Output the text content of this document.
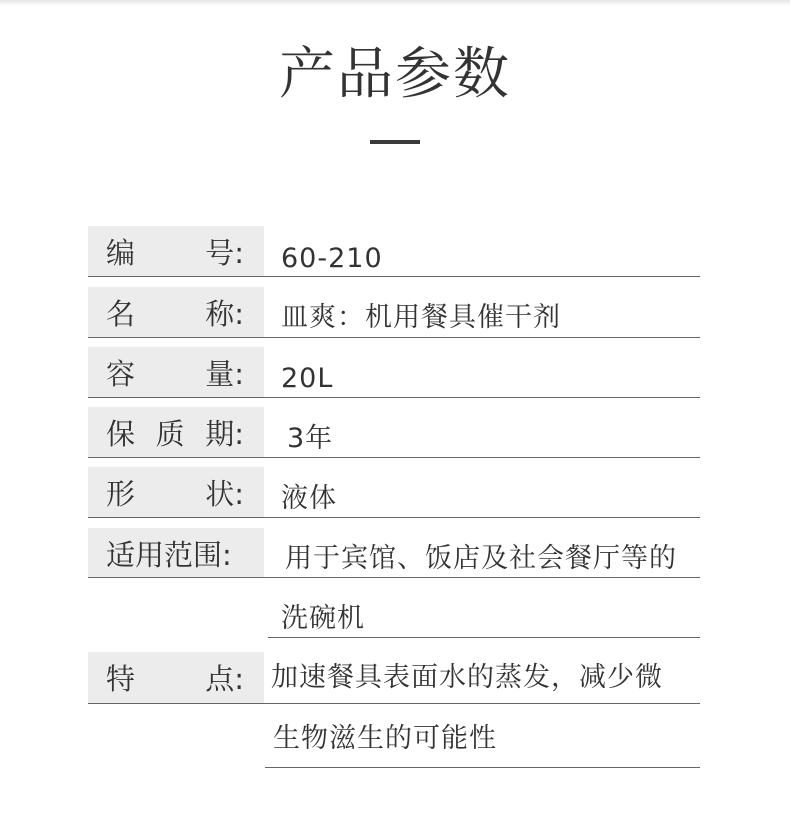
产品参数
编 号: 60-210
名 称: 皿爽：机用餐具催干剂
容 量: 20L
保 质 期: 3年
形 状: 液体
适用范围:	用于宾馆、饭店及社会餐厅等的
洗碗机
特 点: 加速餐具表面水的蒸发，减少微
生物滋生的可能性
